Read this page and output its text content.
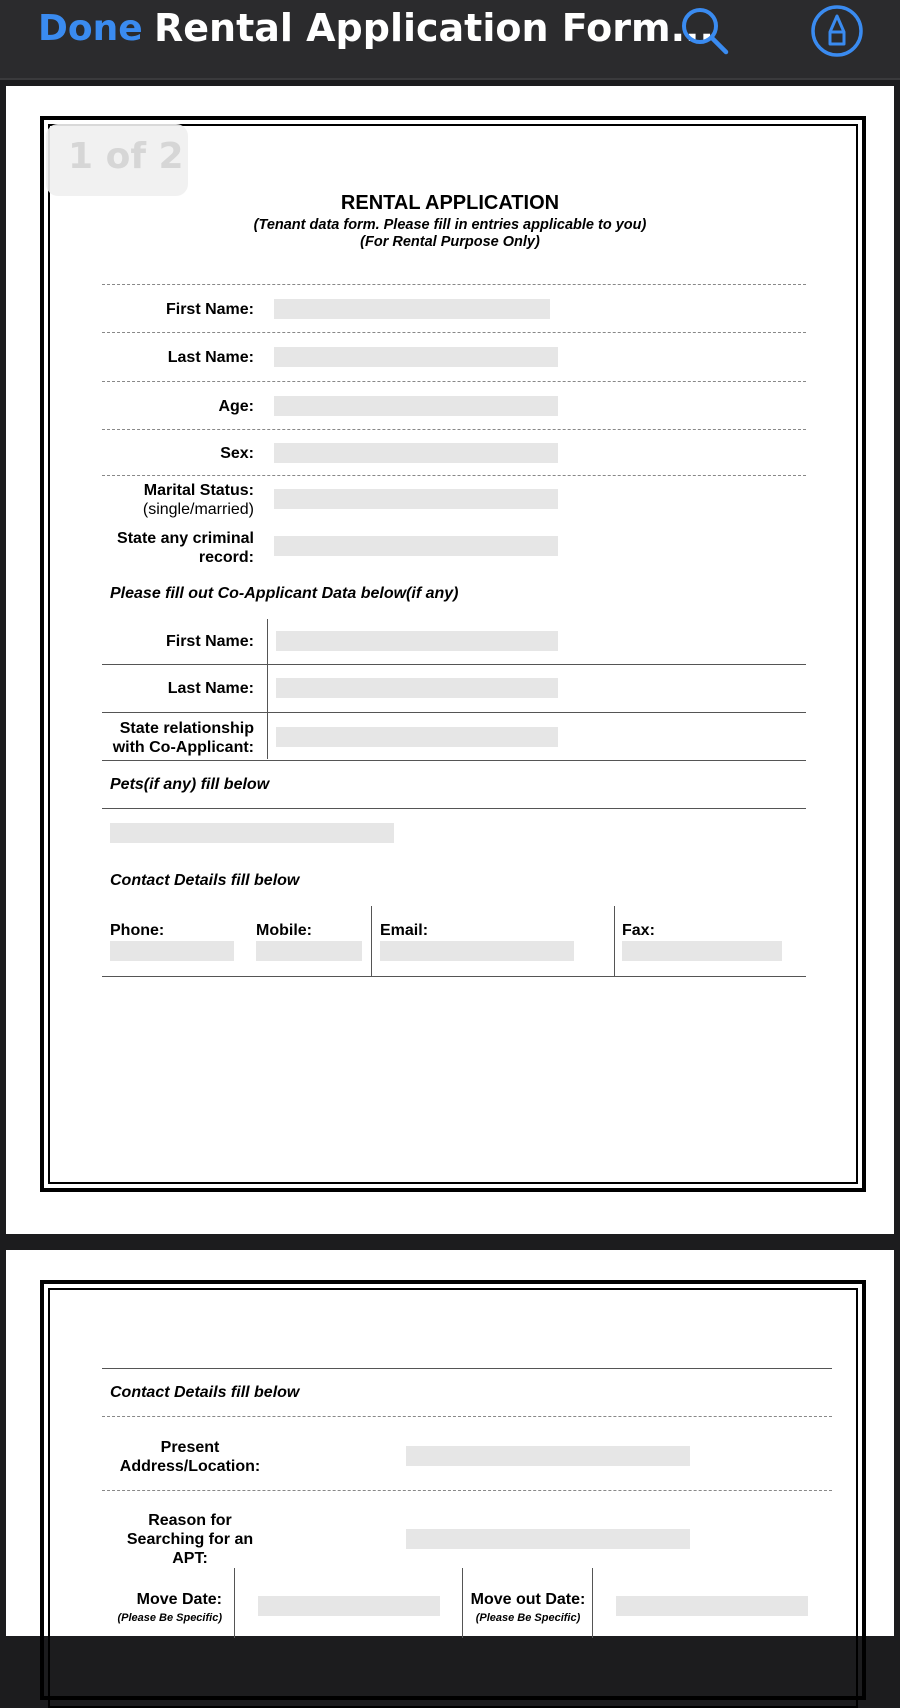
Done Rental Application Form...
1 of 2
RENTAL APPLICATION
(Tenant data form. Please fill in entries applicable to you)
(For Rental Purpose Only)
First Name:
Last Name:
Age:
Sex:
Marital Status:
(single/married)
State any criminal
record:
Please fill out Co-Applicant Data below(if any)
First Name:
Last Name:
State relationship
with Co-Applicant:
Pets(if any) fill below
Contact Details fill below
Phone:	Mobile:	Email:	Fax:
Contact Details fill below
Present
Address/Location:
Reason for
Searching for an
APT:
Move Date:
(Please Be Specific)
Move out Date:
(Please Be Specific)
